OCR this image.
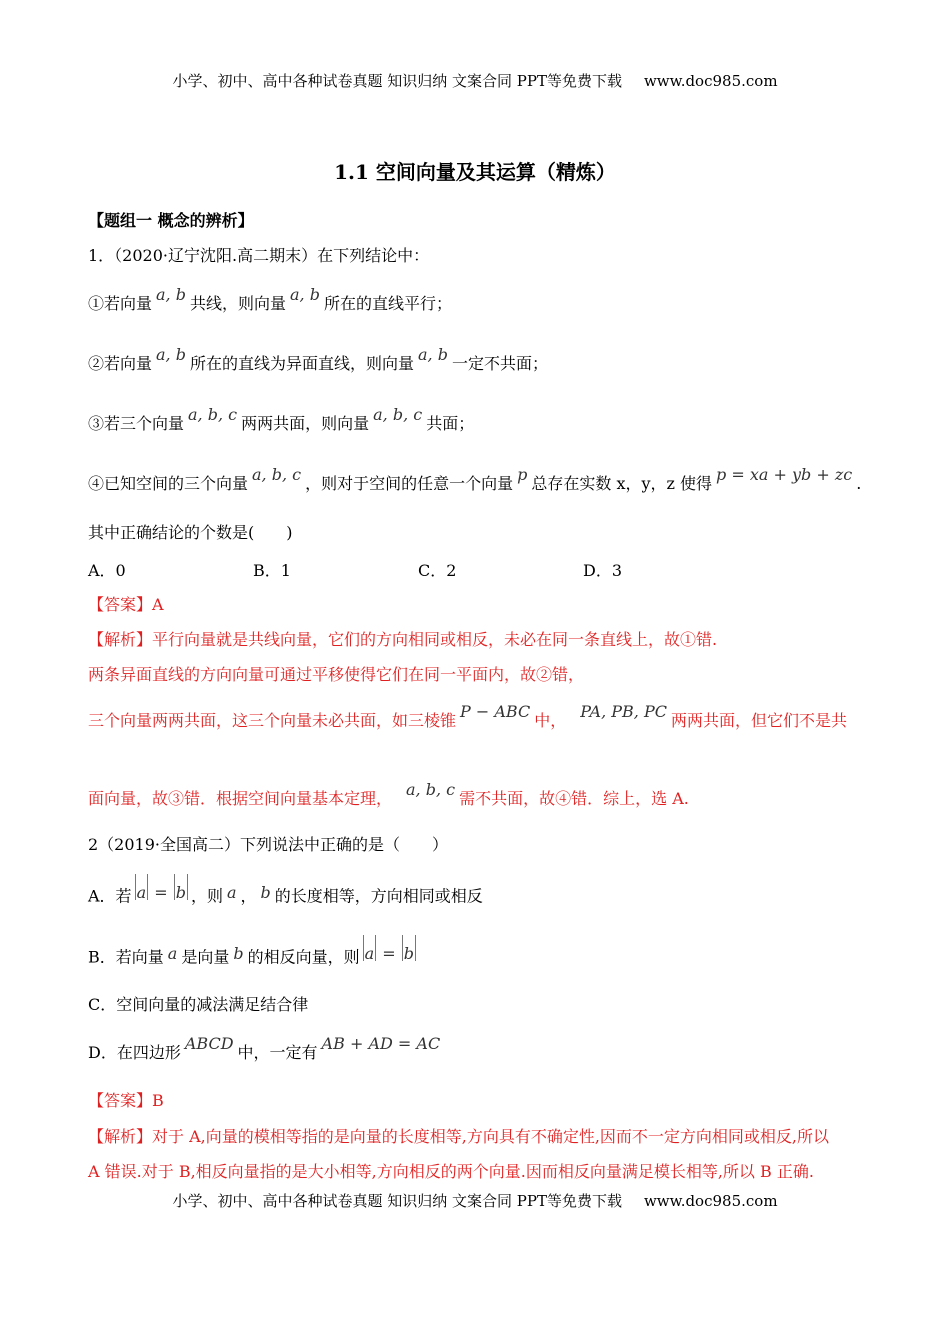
小学、初中、高中各种试卷真题 知识归纳 文案合同 PPT等免费下载 www.doc985.com
1.1 空间向量及其运算（精炼）
【题组一 概念的辨析】
1．（2020·辽宁沈阳.高二期末）在下列结论中：
①若向量 a, b 共线，则向量 a, b 所在的直线平行；
②若向量 a, b 所在的直线为异面直线，则向量 a, b 一定不共面；
③若三个向量 a, b, c 两两共面，则向量 a, b, c 共面；
④已知空间的三个向量 a, b, c ，则对于空间的任意一个向量 p 总存在实数 x，y，z 使得 p = xa + yb + zc .
其中正确结论的个数是(　　)
A．0	B．1	C．2	D．3
【答案】A
【解析】平行向量就是共线向量，它们的方向相同或相反，未必在同一条直线上，故①错.
两条异面直线的方向向量可通过平移使得它们在同一平面内，故②错，
三个向量两两共面，这三个向量未必共面，如三棱锥 P − ABC 中， PA, PB, PC 两两共面，但它们不是共
面向量，故③错．根据空间向量基本定理， a, b, c 需不共面，故④错．综上，选 A.
2（2019·全国高二）下列说法中正确的是（　　）
A．若 a = b ，则 a ， b 的长度相等，方向相同或相反
B．若向量 a 是向量 b 的相反向量，则 a = b
C．空间向量的减法满足结合律
D．在四边形 ABCD 中，一定有 AB + AD = AC
【答案】B
【解析】对于 A,向量的模相等指的是向量的长度相等,方向具有不确定性,因而不一定方向相同或相反,所以
A 错误.对于 B,相反向量指的是大小相等,方向相反的两个向量.因而相反向量满足模长相等,所以 B 正确.
小学、初中、高中各种试卷真题 知识归纳 文案合同 PPT等免费下载 www.doc985.com
